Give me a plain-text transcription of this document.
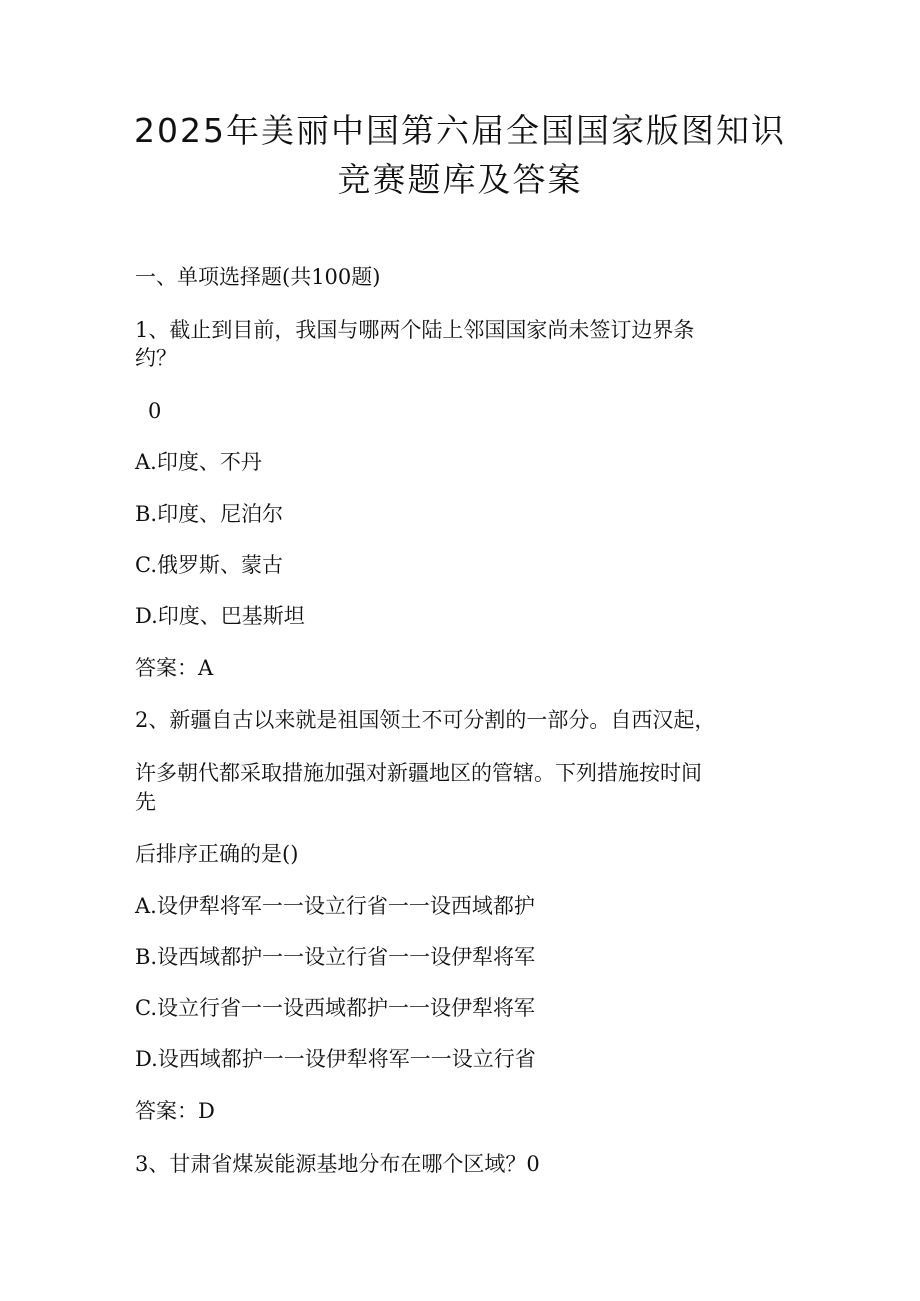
2025年美丽中国第六届全国国家版图知识
竞赛题库及答案
一、单项选择题(共100题)
1、截止到目前，我国与哪两个陆上邻国国家尚未签订边界条
约？
0
A.印度、不丹
B.印度、尼泊尔
C.俄罗斯、蒙古
D.印度、巴基斯坦
答案：A
2、新疆自古以来就是祖国领土不可分割的一部分。自西汉起，
许多朝代都采取措施加强对新疆地区的管辖。下列措施按时间
先
后排序正确的是()
A.设伊犁将军一一设立行省一一设西域都护
B.设西域都护一一设立行省一一设伊犁将军
C.设立行省一一设西域都护一一设伊犁将军
D.设西域都护一一设伊犁将军一一设立行省
答案：D
3、甘肃省煤炭能源基地分布在哪个区域？0
